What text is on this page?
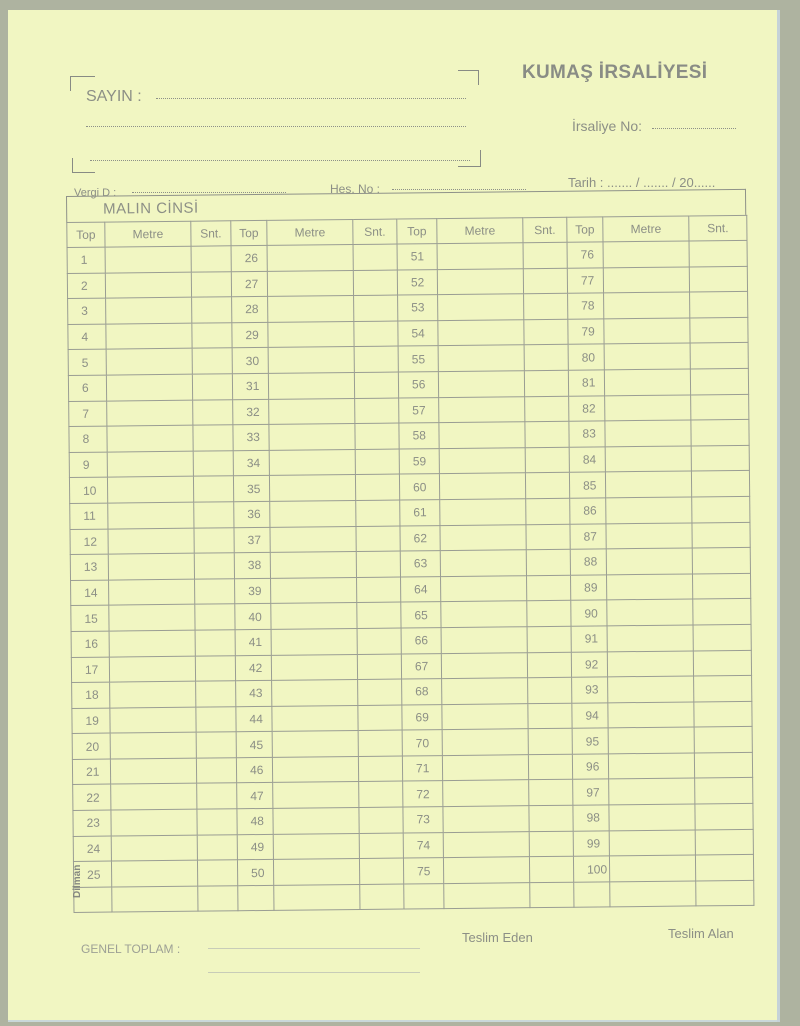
KUMAŞ İRSALİYESİ
SAYIN :
İrsaliye No:
Vergi D :	Hes. No :	Tarih : ....... / ....... / 20......
MALIN CİNSİ
Top	Metre	Snt.	Top	Metre	Snt.	Top	Metre	Snt.	Top	Metre	Snt.
1			26			51			76		
2			27			52			77		
3			28			53			78		
4			29			54			79		
5			30			55			80		
6			31			56			81		
7			32			57			82		
8			33			58			83		
9			34			59			84		
10			35			60			85		
11			36			61			86		
12			37			62			87		
13			38			63			88		
14			39			64			89		
15			40			65			90		
16			41			66			91		
17			42			67			92		
18			43			68			93		
19			44			69			94		
20			45			70			95		
21			46			71			96		
22			47			72			97		
23			48			73			98		
24			49			74			99		
25			50			75			100		

Dilman
GENEL TOPLAM :
Teslim Eden	Teslim Alan
